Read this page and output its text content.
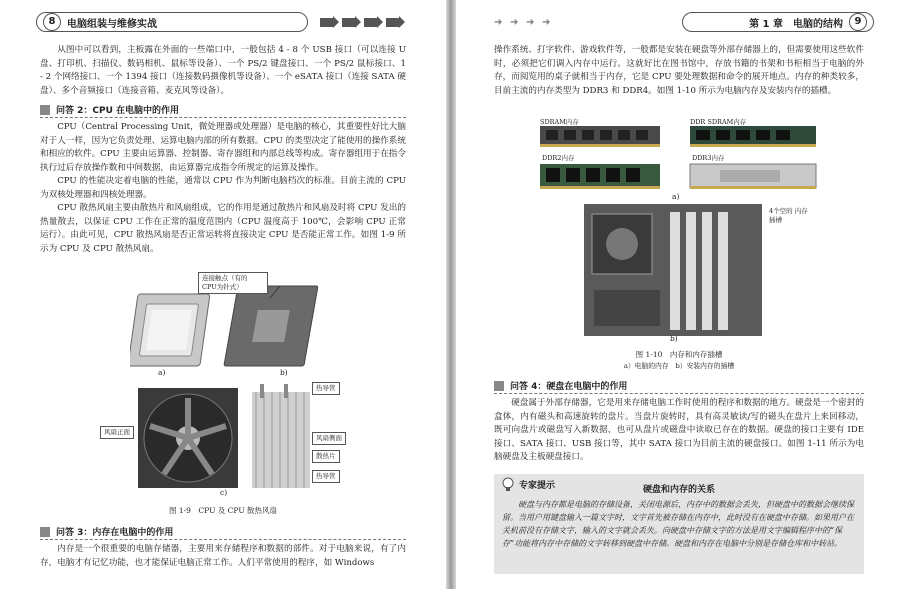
8	电脑组装与维修实战

从图中可以看到，主板露在外面的一些端口中，一般包括 4 - 8 个 USB 接口（可以连接 U 盘、打印机、扫描仪、数码相机、鼠标等设备）、一个 PS/2 键盘接口、一个 PS/2 鼠标接口、1 - 2 个网络接口、一个 1394 接口（连接数码摄像机等设备）、一个 eSATA 接口（连接 SATA 硬盘）、多个音频接口（连接音箱、麦克风等设备）。

问答 2：CPU 在电脑中的作用

CPU（Central Processing Unit，微处理器或处理器）是电脑的核心，其重要性好比大脑对于人一样，因为它负责处理、运算电脑内部的所有数据。CPU 的类型决定了能使用的操作系统和相应的软件。CPU 主要由运算器、控制器、寄存器组和内部总线等构成。寄存器组用于在指令执行过后存放操作数和中间数据，由运算器完成指令所规定的运算及操作。

CPU 的性能决定着电脑的性能，通常以 CPU 作为判断电脑档次的标准。目前主流的 CPU 为双核处理器和四核处理器。

CPU 散热风扇主要由散热片和风扇组成，它的作用是通过散热片和风扇及时将 CPU 发出的热量散去，以保证 CPU 工作在正常的温度范围内（CPU 温度高于 100℃，会影响 CPU 正常运行）。由此可见，CPU 散热风扇是否正常运转将直接决定 CPU 是否能正常工作。如图 1-9 所示为 CPU 及 CPU 散热风扇。

连接触点（有的 CPU为针式）
a)	b)
风扇正面
热导管
风扇侧面
散热片
热导管
c)
图 1-9　CPU 及 CPU 散热风扇
问答 3：内存在电脑中的作用

内存是一个很重要的电脑存储器，主要用来存储程序和数据的部件。对于电脑来说，有了内存，电脑才有记忆功能，也才能保证电脑正常工作。人们平常使用的程序，如 Windows

➔ ➔ ➔ ➔	第 1 章　电脑的结构	9

操作系统、打字软件、游戏软件等，一般都是安装在硬盘等外部存储器上的，但需要使用这些软件时，必须把它们调入内存中运行。这就好比在图书馆中，存放书籍的书架和书柜相当于电脑的外存，而阅览用的桌子就相当于内存，它是 CPU 要处理数据和命令的展开地点。内存的种类较多，目前主流的内存类型为 DDR3 和 DDR4。如图 1-10 所示为电脑内存及安装内存的插槽。

SDRAM内存	DDR SDRAM内存
DDR2内存	DDR3内存
a)
4个空的 内存插槽
b)
图 1-10　内存和内存插槽
a）电脑的内存　b）安装内存的插槽
问答 4：硬盘在电脑中的作用

硬盘属于外部存储器，它是用来存储电脑工作时使用的程序和数据的地方。硬盘是一个密封的盒体，内有磁头和高速旋转的盘片。当盘片旋转时，具有高灵敏读/写的磁头在盘片上来回移动，既可向盘片或磁盘写入新数据，也可从盘片或磁盘中读取已存在的数据。硬盘的接口主要有 IDE 接口、SATA 接口、USB 接口等，其中 SATA 接口为目前主流的硬盘接口。如图 1-11 所示为电脑硬盘及主板硬盘接口。

专家提示	硬盘和内存的关系

硬盘与内存都是电脑的存储设备，关闭电源后，内存中的数据会丢失，但硬盘中的数据会继续保留。当用户用键盘输入一篇文字时，文字首先被存储在内存中，此时没有在硬盘中存储。如果用户在关机前没有存储文字，输入的文字就会丢失。向硬盘中存储文字的方法是用文字编辑程序中的“保存”功能将内存中存储的文字转移到硬盘中存储。硬盘和内存在电脑中分别是存储仓库和中转站。
